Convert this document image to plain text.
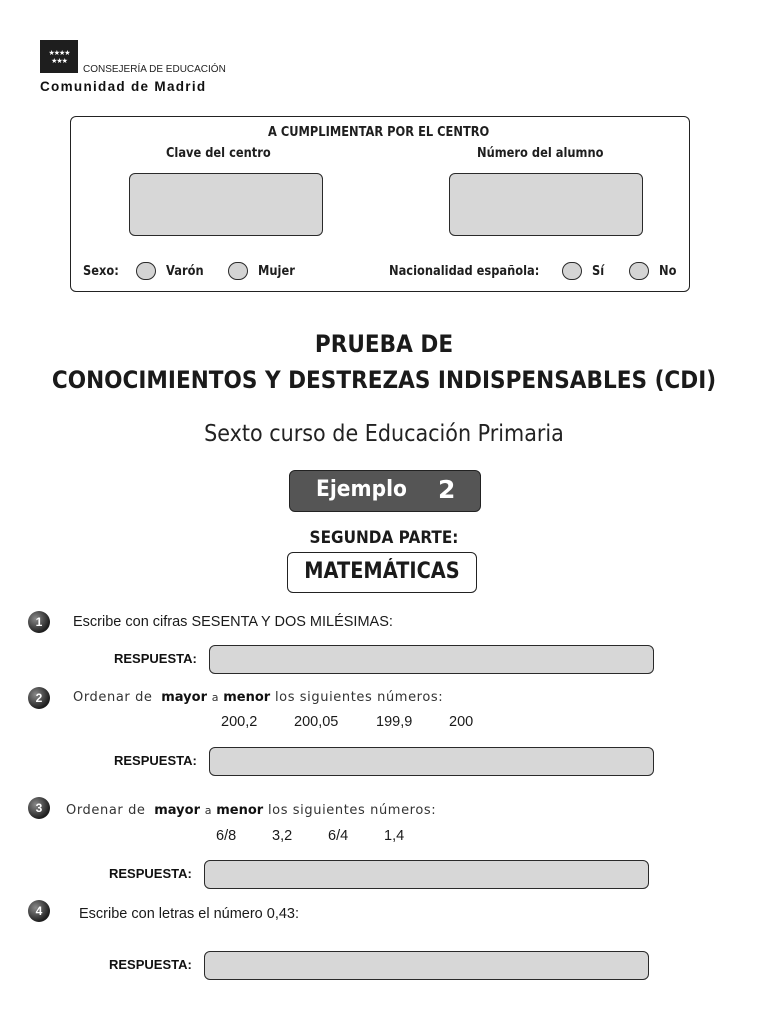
★★★★ ★★★
CONSEJERÍA DE EDUCACIÓN
Comunidad de Madrid
A CUMPLIMENTAR POR EL CENTRO
Clave del centro	Número del alumno
Sexo:	Varón	Mujer	Nacionalidad española:	Sí	No
PRUEBA DE
CONOCIMIENTOS Y DESTREZAS INDISPENSABLES (CDI)
Sexto curso de Educación Primaria
Ejemplo 2
SEGUNDA PARTE:
MATEMÁTICAS
1	Escribe con cifras SESENTA Y DOS MILÉSIMAS:
RESPUESTA:
2	Ordenar de mayor a menor los siguientes números:
200,2	200,05	199,9	200
RESPUESTA:
3	Ordenar de mayor a menor los siguientes números:
6/8 3,2 6/4 1,4
RESPUESTA:
4	Escribe con letras el número 0,43:
RESPUESTA:
